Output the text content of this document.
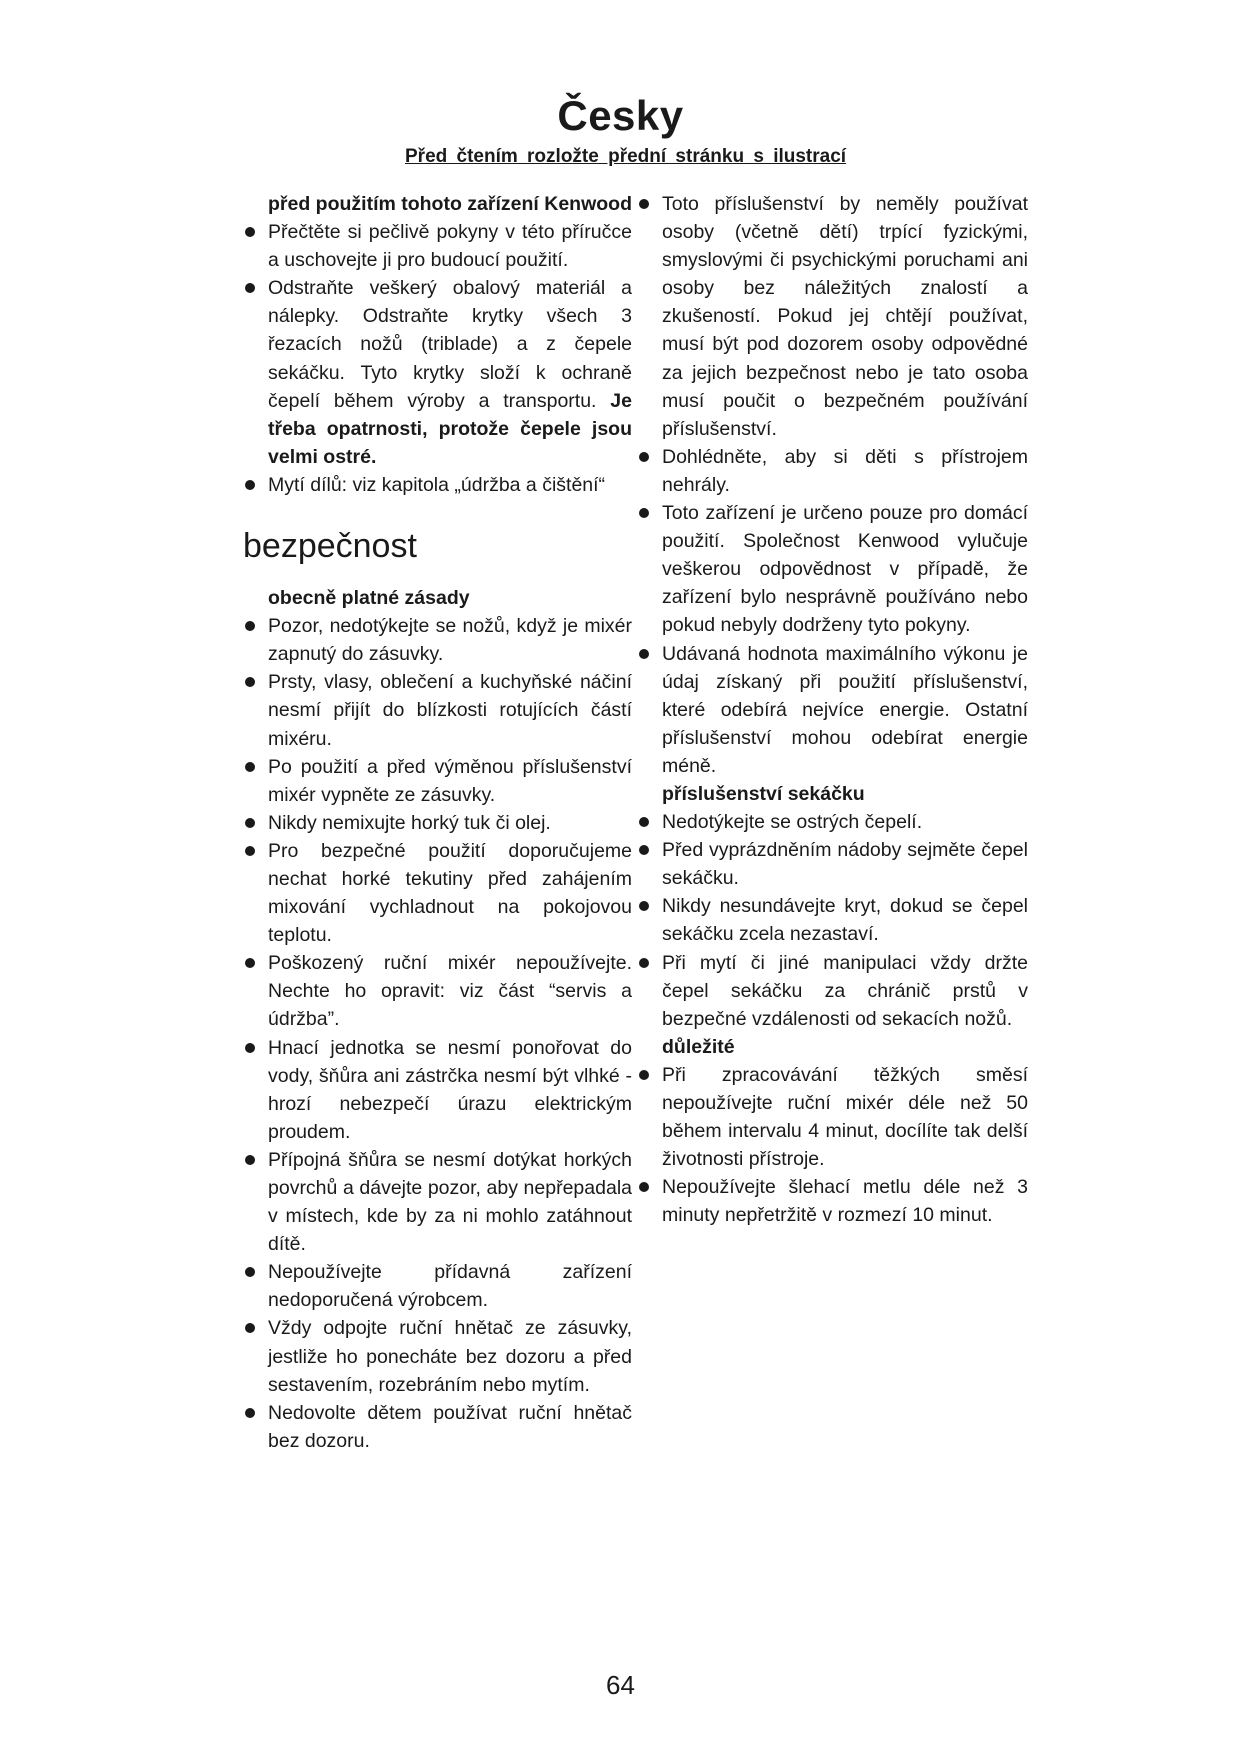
Česky
Před čtením rozložte přední stránku s ilustrací

před použitím tohoto zařízení Kenwood

Přečtěte si pečlivě pokyny v této příručce a uschovejte ji pro budoucí použití.
Odstraňte veškerý obalový materiál a nálepky. Odstraňte krytky všech 3 řezacích nožů (triblade) a z čepele sekáčku. Tyto krytky složí k ochraně čepelí během výroby a transportu. Je třeba opatrnosti, protože čepele jsou velmi ostré.
Mytí dílů: viz kapitola „údržba a čištění“
bezpečnost

obecně platné zásady

Pozor, nedotýkejte se nožů, když je mixér zapnutý do zásuvky.
Prsty, vlasy, oblečení a kuchyňské náčiní nesmí přijít do blízkosti rotujících částí mixéru.
Po použití a před výměnou příslušenství mixér vypněte ze zásuvky.
Nikdy nemixujte horký tuk či olej.
Pro bezpečné použití doporučujeme nechat horké tekutiny před zahájením mixování vychladnout na pokojovou teplotu.
Poškozený ruční mixér nepoužívejte. Nechte ho opravit: viz část “servis a údržba”.
Hnací jednotka se nesmí ponořovat do vody, šňůra ani zástrčka nesmí být vlhké - hrozí nebezpečí úrazu elektrickým proudem.
Přípojná šňůra se nesmí dotýkat horkých povrchů a dávejte pozor, aby nepřepadala v místech, kde by za ni mohlo zatáhnout dítě.
Nepoužívejte přídavná zařízení nedoporučená výrobcem.
Vždy odpojte ruční hnětač ze zásuvky, jestliže ho ponecháte bez dozoru a před sestavením, rozebráním nebo mytím.
Nedovolte dětem používat ruční hnětač bez dozoru.
Toto příslušenství by neměly používat osoby (včetně dětí) trpící fyzickými, smyslovými či psychickými poruchami ani osoby bez náležitých znalostí a zkušeností. Pokud jej chtějí používat, musí být pod dozorem osoby odpovědné za jejich bezpečnost nebo je tato osoba musí poučit o bezpečném používání příslušenství.
Dohlédněte, aby si děti s přístrojem nehrály.
Toto zařízení je určeno pouze pro domácí použití. Společnost Kenwood vylučuje veškerou odpovědnost v případě, že zařízení bylo nesprávně používáno nebo pokud nebyly dodrženy tyto pokyny.
Udávaná hodnota maximálního výkonu je údaj získaný při použití příslušenství, které odebírá nejvíce energie. Ostatní příslušenství mohou odebírat energie méně.

příslušenství sekáčku

Nedotýkejte se ostrých čepelí.
Před vyprázdněním nádoby sejměte čepel sekáčku.
Nikdy nesundávejte kryt, dokud se čepel sekáčku zcela nezastaví.
Při mytí či jiné manipulaci vždy držte čepel sekáčku za chránič prstů v bezpečné vzdálenosti od sekacích nožů.

důležité

Při zpracovávání těžkých směsí nepoužívejte ruční mixér déle než 50 během intervalu 4 minut, docílíte tak delší životnosti přístroje.
Nepoužívejte šlehací metlu déle než 3 minuty nepřetržitě v rozmezí 10 minut.
64
